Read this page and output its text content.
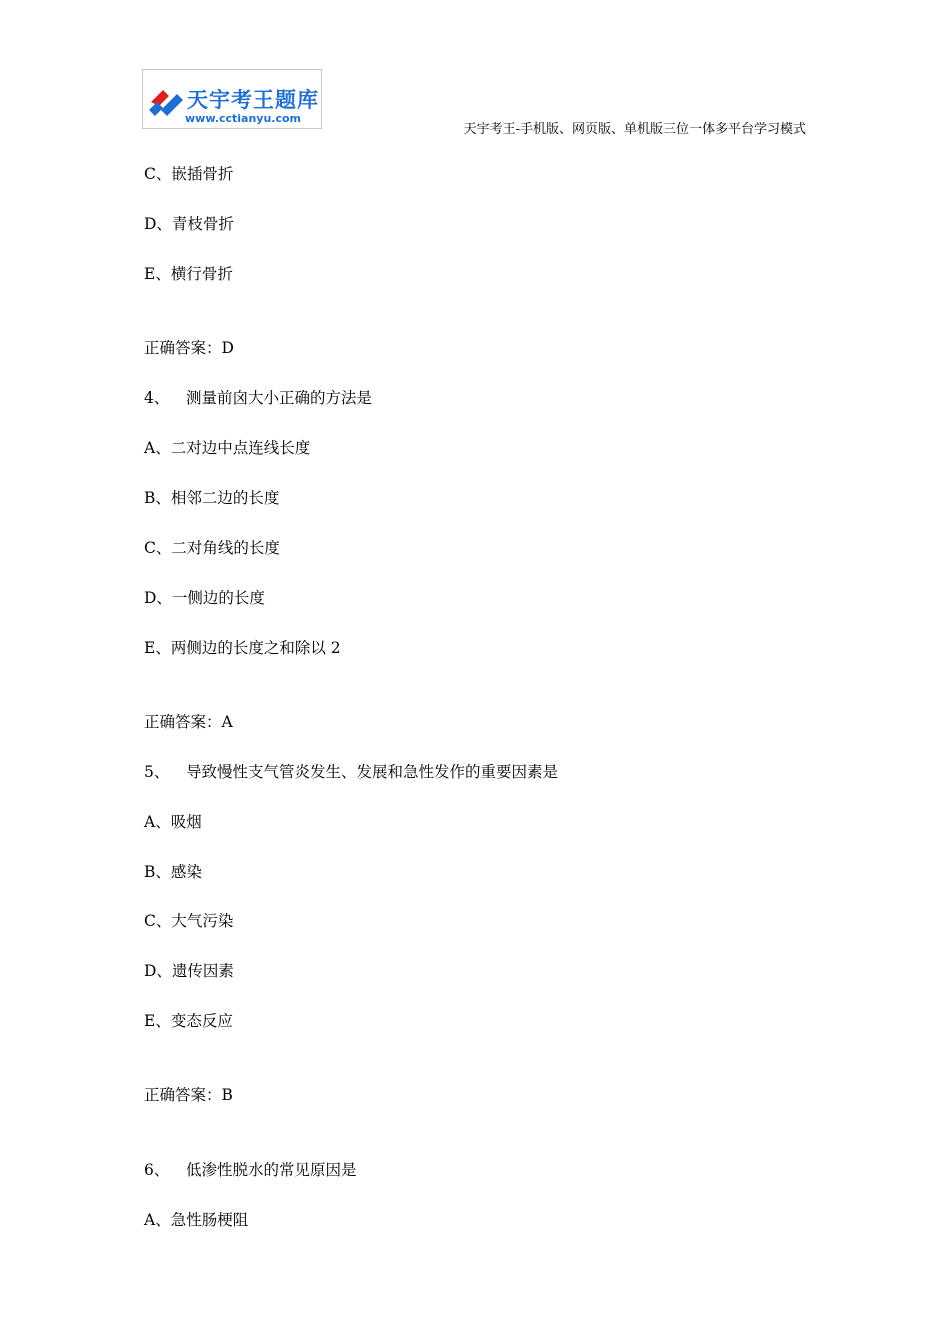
天宇考王题库
www.cctianyu.com
天宇考王-手机版、网页版、单机版三位一体多平台学习模式
C、嵌插骨折
D、青枝骨折
E、横行骨折
正确答案：D
4、 测量前囟大小正确的方法是
A、二对边中点连线长度
B、相邻二边的长度
C、二对角线的长度
D、一侧边的长度
E、两侧边的长度之和除以 2
正确答案：A
5、 导致慢性支气管炎发生、发展和急性发作的重要因素是
A、吸烟
B、感染
C、大气污染
D、遗传因素
E、变态反应
正确答案：B
6、 低渗性脱水的常见原因是
A、急性肠梗阻
